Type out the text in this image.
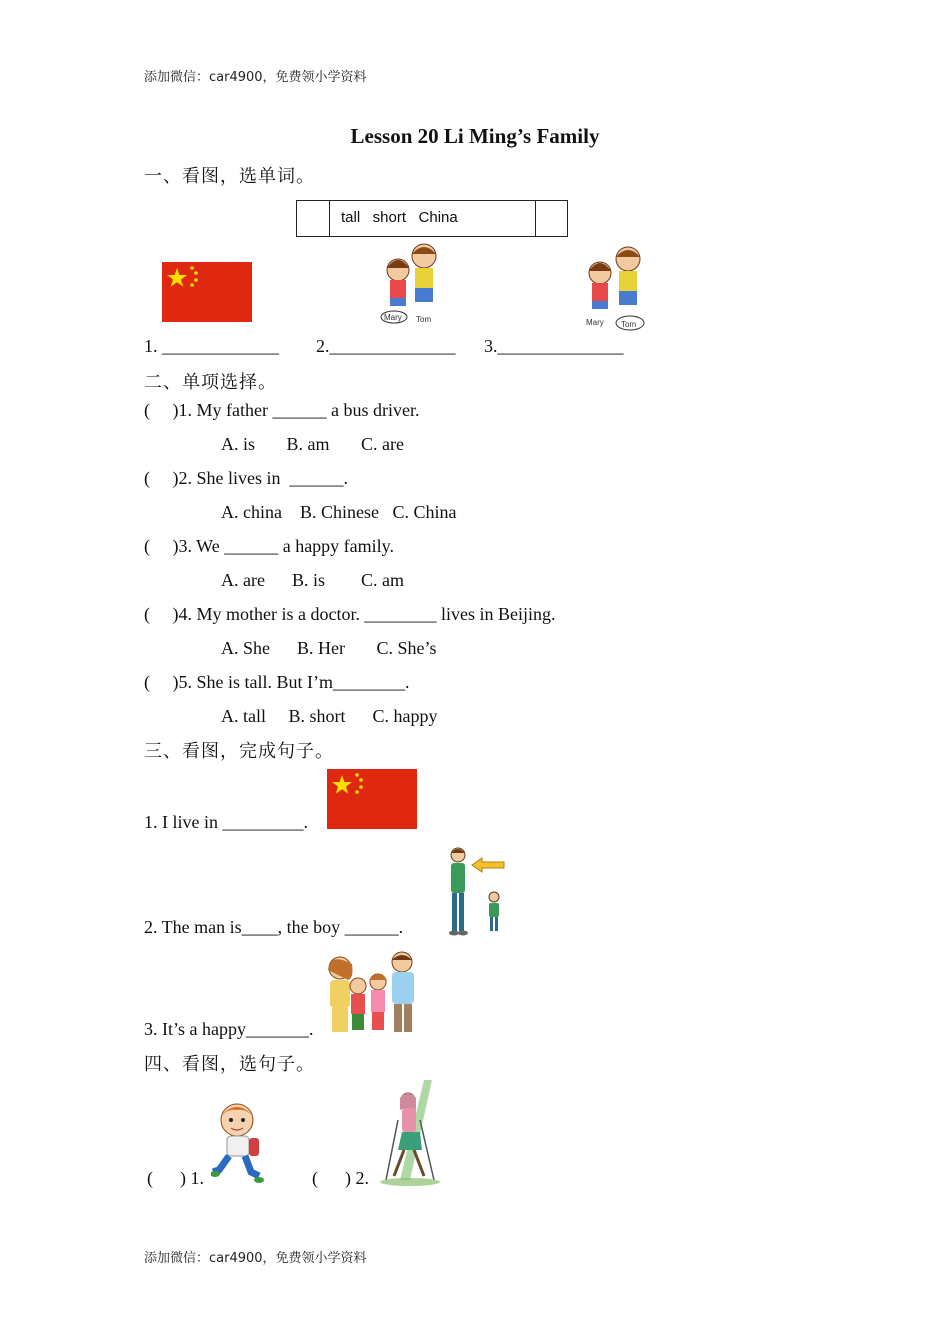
添加微信：car4900，免费领小学资料
Lesson 20 Li Ming’s Family
一、看图，选单词。
tall   short   China
Mary Tom	Mary Tom
1. _____________ 2.______________ 3.______________
二、单项选择。
(     )1. My father ______ a bus driver.
A. is       B. am       C. are
(     )2. She lives in  ______.
A. china    B. Chinese   C. China
(     )3. We ______ a happy family.
A. are      B. is        C. am
(     )4. My mother is a doctor. ________ lives in Beijing.
A. She      B. Her       C. She’s
(     )5. She is tall. But I’m________.
A. tall     B. short      C. happy
三、看图，完成句子。
1. I live in _________.
2. The man is____, the boy ______.
3. It’s a happy_______.
四、看图，选句子。
(      ) 1.	(      ) 2.
添加微信：car4900，免费领小学资料
